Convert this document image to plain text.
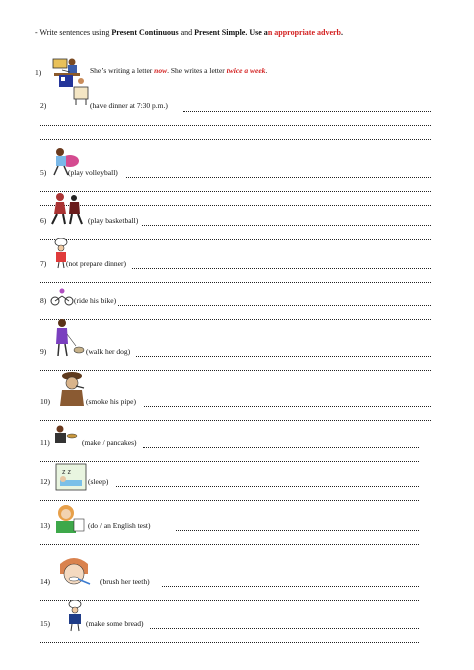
- Write sentences using Present Continuous and Present Simple. Use an appropriate adverb.
1)	She’s writing a letter now. She writes a letter twice a week.
2)	(have dinner at 7:30 p.m.)
5)	(play volleyball)
6)	(play basketball)
7)	(not prepare dinner)
8)	(ride his bike)
9)	(walk her dog)
10)	(smoke his pipe)
11)	(make / pancakes)
z z
12)	(sleep)
13)	(do / an English test)
14)	(brush her teeth)
15)	(make some bread)
